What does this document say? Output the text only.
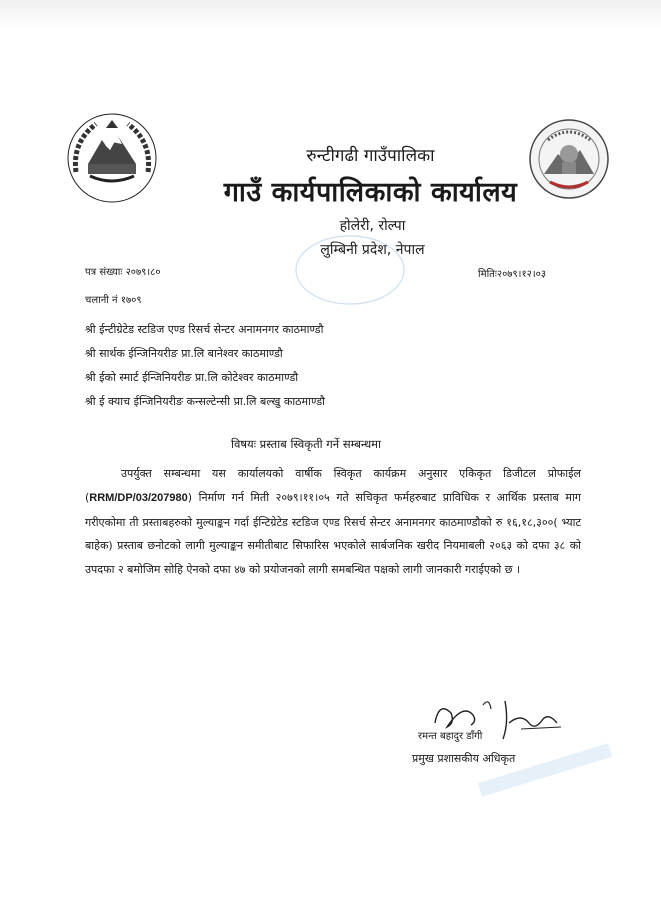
रुन्टीगढी गाउँपालिका
गाउँ कार्यपालिकाको कार्यालय
होलेरी, रोल्पा
लुम्बिनी प्रदेश, नेपाल
पत्र संख्याः २०७९।८०	मितिः२०७९।१२।०३
चलानी नं १७०९
श्री ईन्टीग्रेटेड स्टडिज एण्ड रिसर्च सेन्टर अनामनगर काठमाण्डौ
श्री सार्थक ईन्जिनियरीङ प्रा.लि बानेश्वर काठमाण्डौ
श्री ईको स्मार्ट ईन्जिनियरीङ प्रा.लि कोटेश्वर काठमाण्डौ
श्री ई क्याच ईन्जिनियरीङ कन्सल्टेन्सी प्रा.लि बल्खु काठमाण्डौ
विषयः प्रस्ताब स्विकृती गर्ने सम्बन्धमा

उपर्युक्त सम्बन्धमा यस कार्यालयको वार्षीक स्विकृत कार्यक्रम अनुसार एकिकृत डिजीटल प्रोफाईल (RRM/DP/03/207980) निर्माण गर्न मिती २०७९।११।०५ गते सचिकृत फर्महरुबाट प्राविधिक र आर्थिक प्रस्ताब माग गरीएकोमा ती प्रस्ताबहरुको मुल्याङ्कन गर्दा ईन्टिग्रेटेड स्टडिज एण्ड रिसर्च सेन्टर अनामनगर काठमाण्डौको रु १६,१८,३००( भ्याट बाहेक) प्रस्ताब छनोटको लागी मुल्याङ्कन समीतीबाट सिफारिस भएकोले सार्बजनिक खरीद नियमाबली २०६३ को दफा ३८ को उपदफा २ बमोजिम सोहि ऐनको दफा ४७ को प्रयोजनको लागी समबन्धित पक्षको लागी जानकारी गराईएको छ ।

रमन्त बहादुर डाँगी
प्रमुख प्रशासकीय अधिकृत
